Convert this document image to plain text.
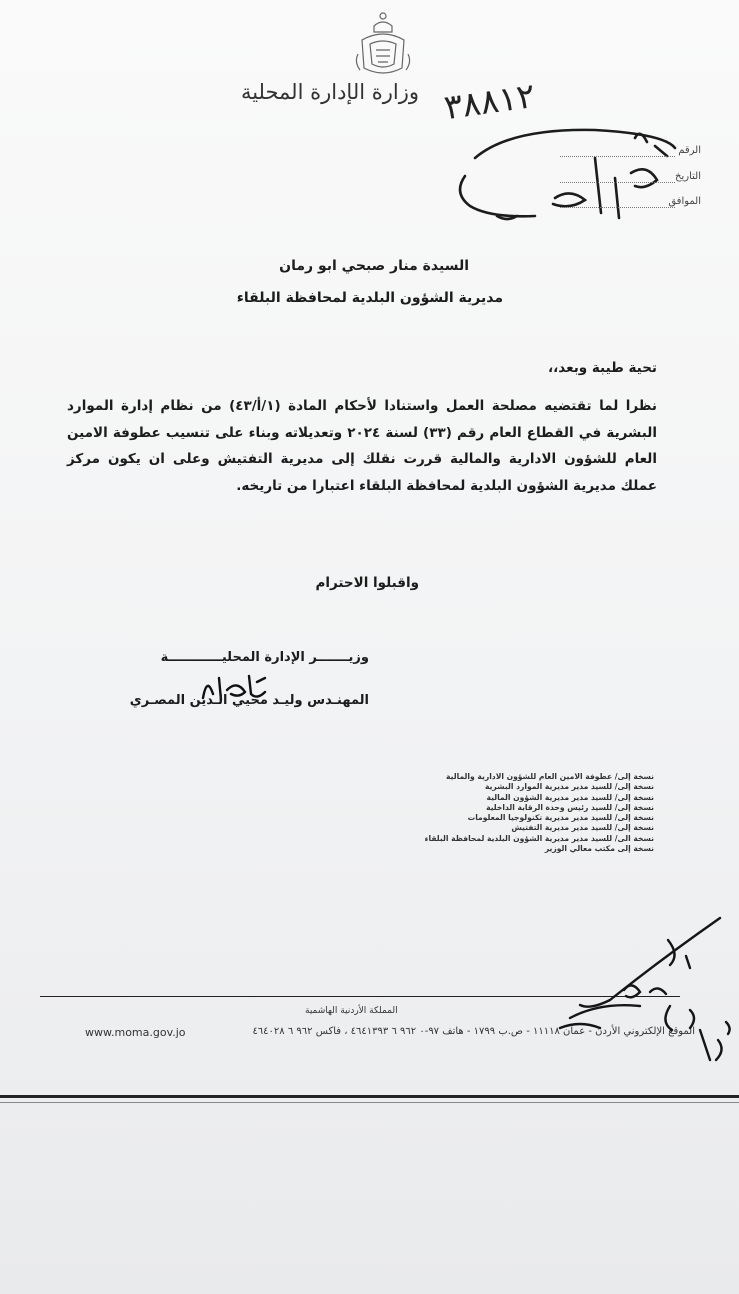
وزارة الإدارة المحلية ٣٨٨١٢
الرقم
التاريخ
الموافق
السيدة منار صبحي ابو رمان
مديرية الشؤون البلدية لمحافظة البلقاء
تحية طيبة وبعد،،
نظرا لما تقتضيه مصلحة العمل واستنادا لأحكام المادة (١/أ/٤٣) من نظام إدارة الموارد البشرية في القطاع العام رقم (٣٣) لسنة ٢٠٢٤ وتعديلاته وبناء على تنسيب عطوفة الامين العام للشؤون الادارية والمالية قررت نقلك إلى مديرية التفتيش وعلى ان يكون مركز عملك مديرية الشؤون البلدية لمحافظة البلقاء اعتبارا من تاريخه.
واقبلوا الاحترام
وزيـــــــر الإدارة المحليــــــــــــة
المهنـدس وليـد محيي الـدين المصـري
نسخة إلى/ عطوفة الامين العام للشؤون الادارية والمالية
نسخة إلى/ للسيد مدير مديرية الموارد البشرية
نسخة إلى/ للسيد مدير مديرية الشؤون المالية
نسخة إلى/ للسيد رئيس وحدة الرقابة الداخلية
نسخة إلى/ للسيد مدير مديرية تكنولوجيا المعلومات
نسخة إلى/ للسيد مدير مديرية التفتيش
نسخة الى/ للسيد مدير مديرية الشؤون البلدية لمحافظة البلقاء
نسخة إلى مكتب معالي الوزير
المملكة الأردنية الهاشمية
www.moma.gov.jo	الموقع الإلكتروني الأردن - عمان ١١١١٨ - ص.ب ١٧٩٩ - هاتف ٩٧-٠ ٩٦٢ ٦ ٤٦٤١٣٩٣ ، فاكس ٩٦٢ ٦ ٤٦٤٠٢٨
